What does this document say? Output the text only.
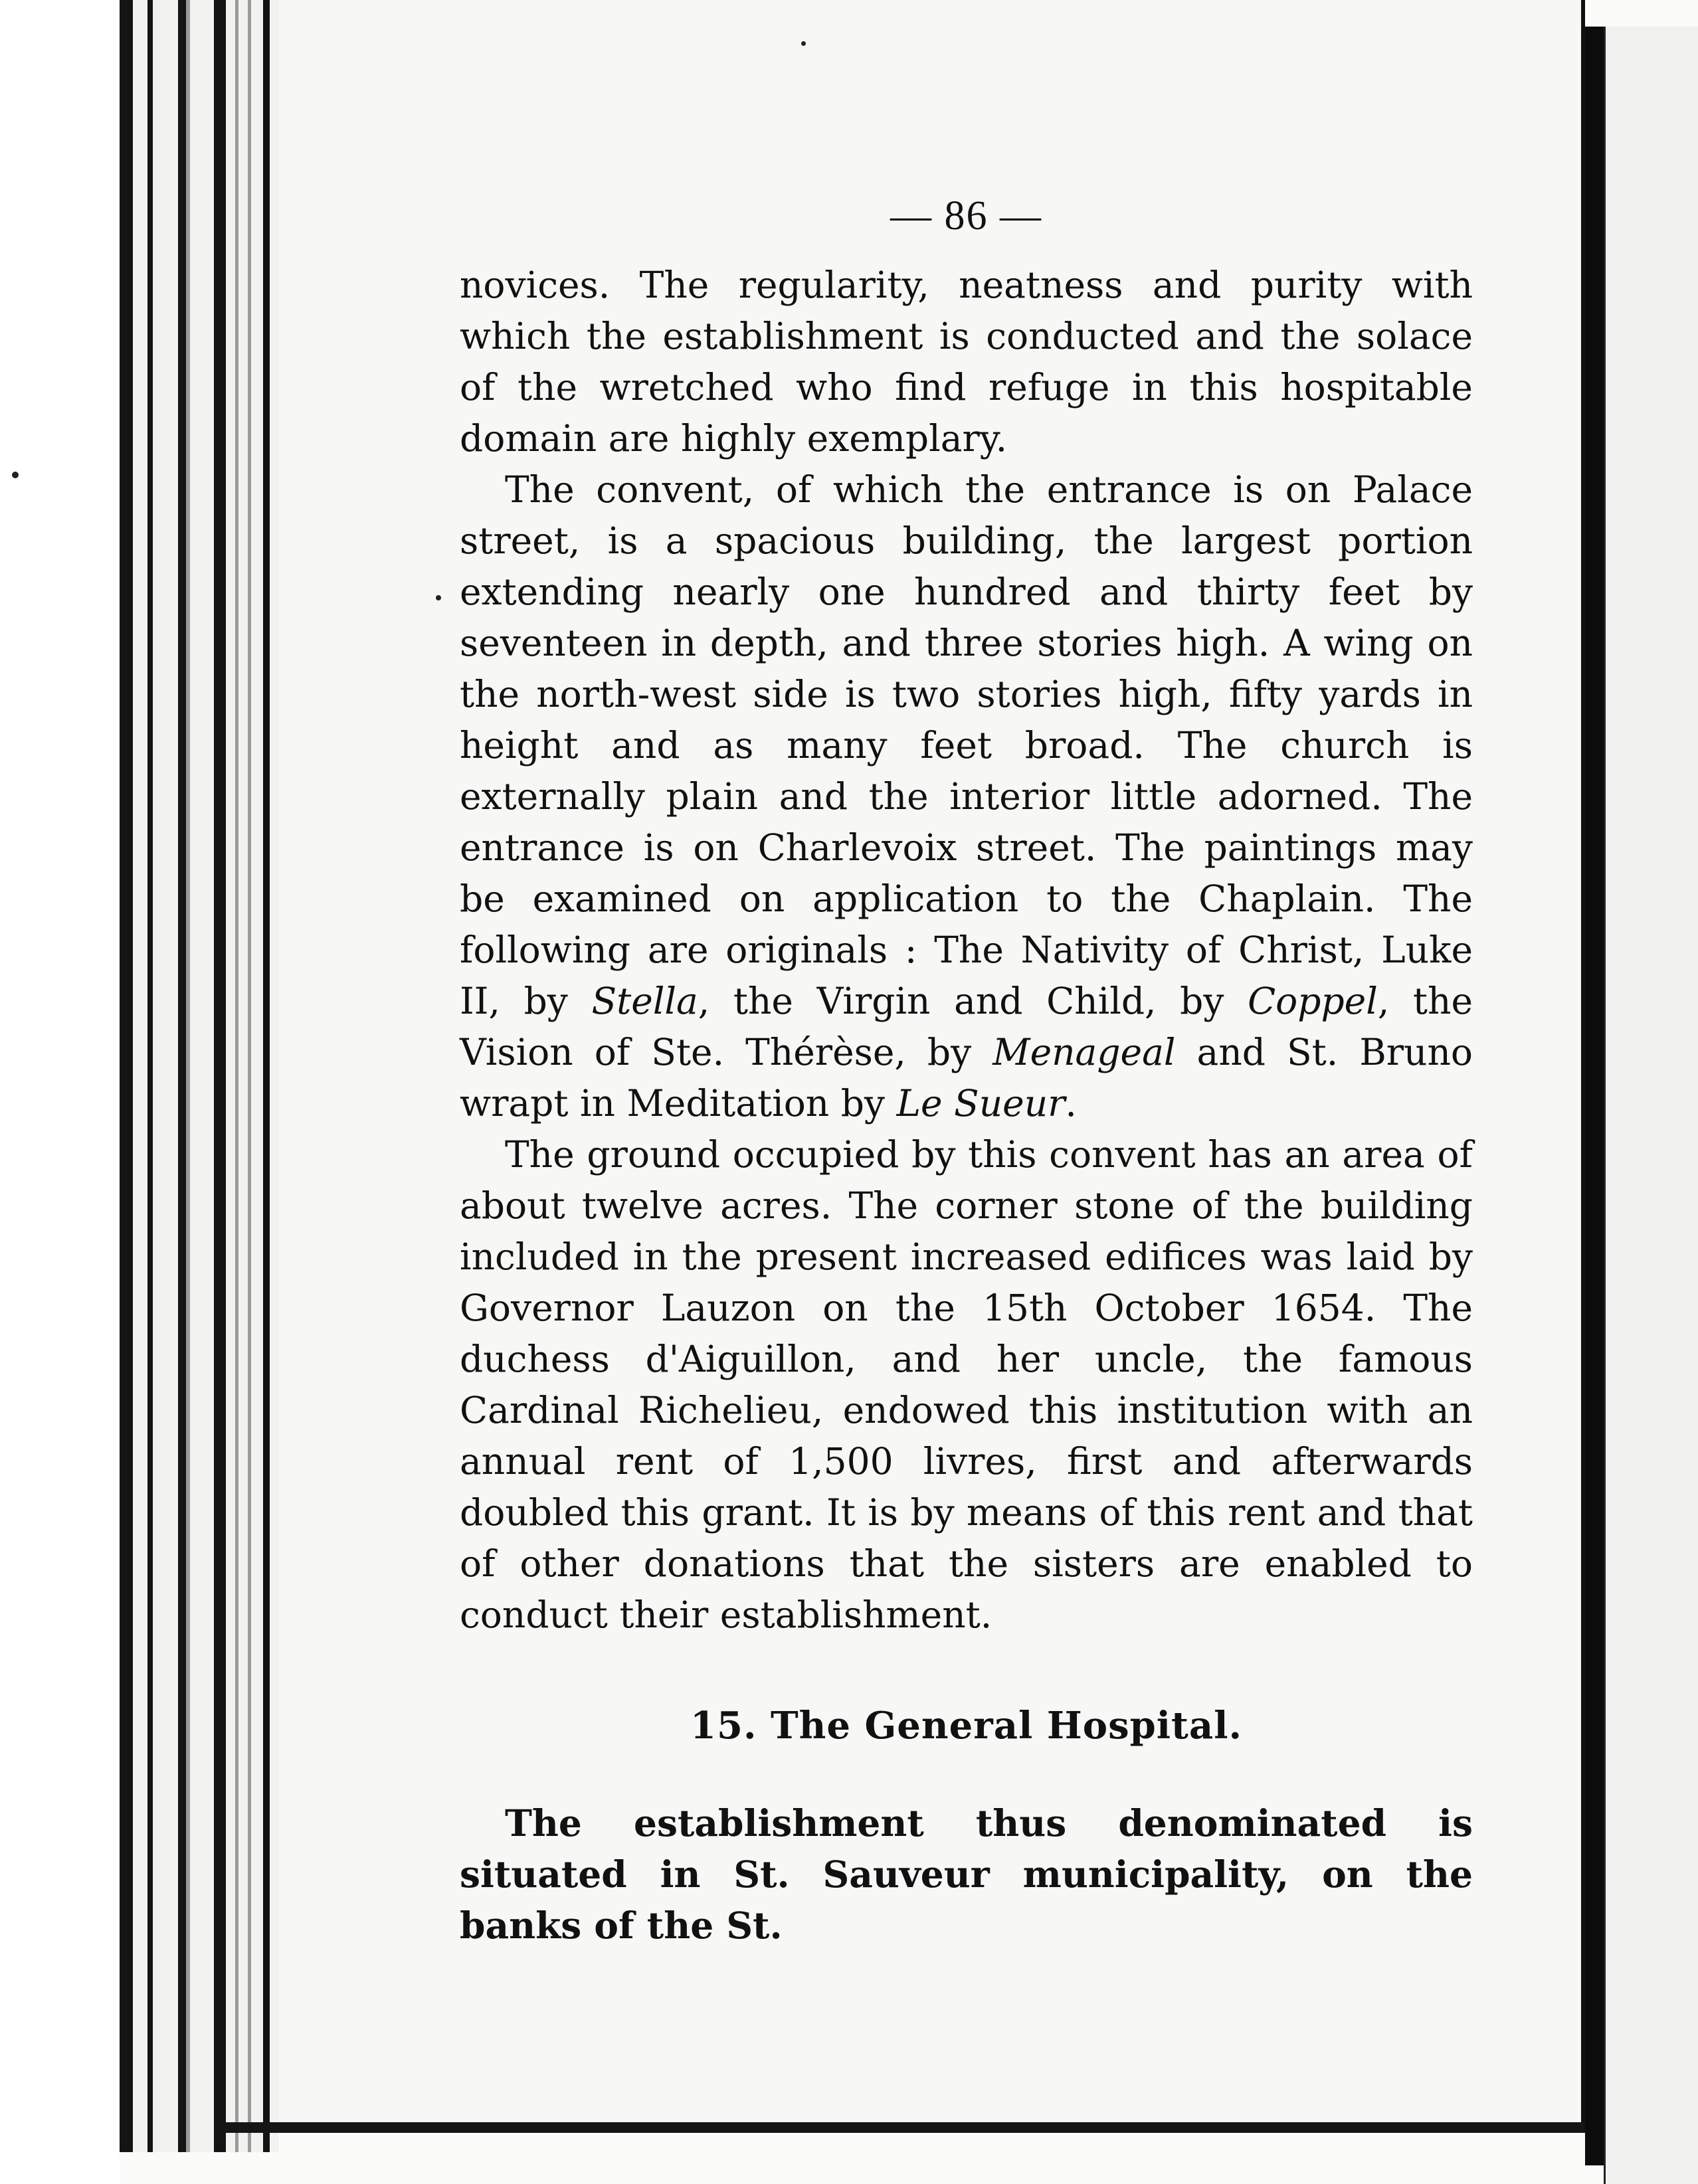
— 86 —

novices. The regularity, neatness and purity with which the establishment is conducted and the solace of the wretched who find refuge in this hospitable domain are highly exemplary.

The convent, of which the entrance is on Palace street, is a spacious building, the largest portion extending nearly one hundred and thirty feet by seventeen in depth, and three stories high. A wing on the north-west side is two stories high, fifty yards in height and as many feet broad. The church is externally plain and the interior little adorned. The entrance is on Charlevoix street. The paintings may be examined on application to the Chaplain. The following are originals : The Nativity of Christ, Luke II, by Stella, the Virgin and Child, by Coppel, the Vision of Ste. Thérèse, by Menageal and St. Bruno wrapt in Meditation by Le Sueur.

The ground occupied by this convent has an area of about twelve acres. The corner stone of the building included in the present increased edifices was laid by Governor Lauzon on the 15th October 1654. The duchess d'Aiguillon, and her uncle, the famous Cardinal Richelieu, endowed this institution with an annual rent of 1,500 livres, first and afterwards doubled this grant. It is by means of this rent and that of other donations that the sisters are enabled to conduct their establishment.

15. The General Hospital.

The establishment thus denominated is situated in St. Sauveur municipality, on the banks of the St.
